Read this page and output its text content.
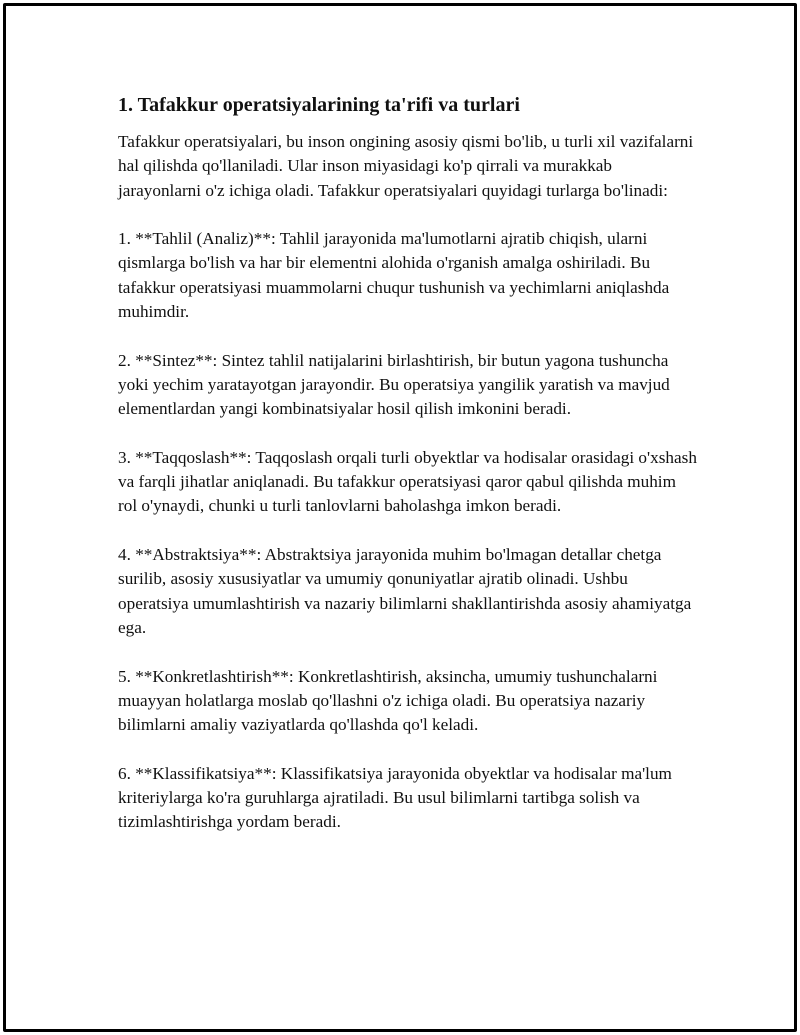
1. Tafakkur operatsiyalarining ta'rifi va turlari

Tafakkur operatsiyalari, bu inson ongining asosiy qismi bo'lib, u turli xil vazifalarni hal qilishda qo'llaniladi. Ular inson miyasidagi ko'p qirrali va murakkab jarayonlarni o'z ichiga oladi. Tafakkur operatsiyalari quyidagi turlarga bo'linadi:

1. **Tahlil (Analiz)**: Tahlil jarayonida ma'lumotlarni ajratib chiqish, ularni qismlarga bo'lish va har bir elementni alohida o'rganish amalga oshiriladi. Bu tafakkur operatsiyasi muammolarni chuqur tushunish va yechimlarni aniqlashda muhimdir.

2. **Sintez**: Sintez tahlil natijalarini birlashtirish, bir butun yagona tushuncha yoki yechim yaratayotgan jarayondir. Bu operatsiya yangilik yaratish va mavjud elementlardan yangi kombinatsiyalar hosil qilish imkonini beradi.

3. **Taqqoslash**: Taqqoslash orqali turli obyektlar va hodisalar orasidagi o'xshash va farqli jihatlar aniqlanadi. Bu tafakkur operatsiyasi qaror qabul qilishda muhim rol o'ynaydi, chunki u turli tanlovlarni baholashga imkon beradi.

4. **Abstraktsiya**: Abstraktsiya jarayonida muhim bo'lmagan detallar chetga surilib, asosiy xususiyatlar va umumiy qonuniyatlar ajratib olinadi. Ushbu operatsiya umumlashtirish va nazariy bilimlarni shakllantirishda asosiy ahamiyatga ega.

5. **Konkretlashtirish**: Konkretlashtirish, aksincha, umumiy tushunchalarni muayyan holatlarga moslab qo'llashni o'z ichiga oladi. Bu operatsiya nazariy bilimlarni amaliy vaziyatlarda qo'llashda qo'l keladi.

6. **Klassifikatsiya**: Klassifikatsiya jarayonida obyektlar va hodisalar ma'lum kriteriylarga ko'ra guruhlarga ajratiladi. Bu usul bilimlarni tartibga solish va tizimlashtirishga yordam beradi.
